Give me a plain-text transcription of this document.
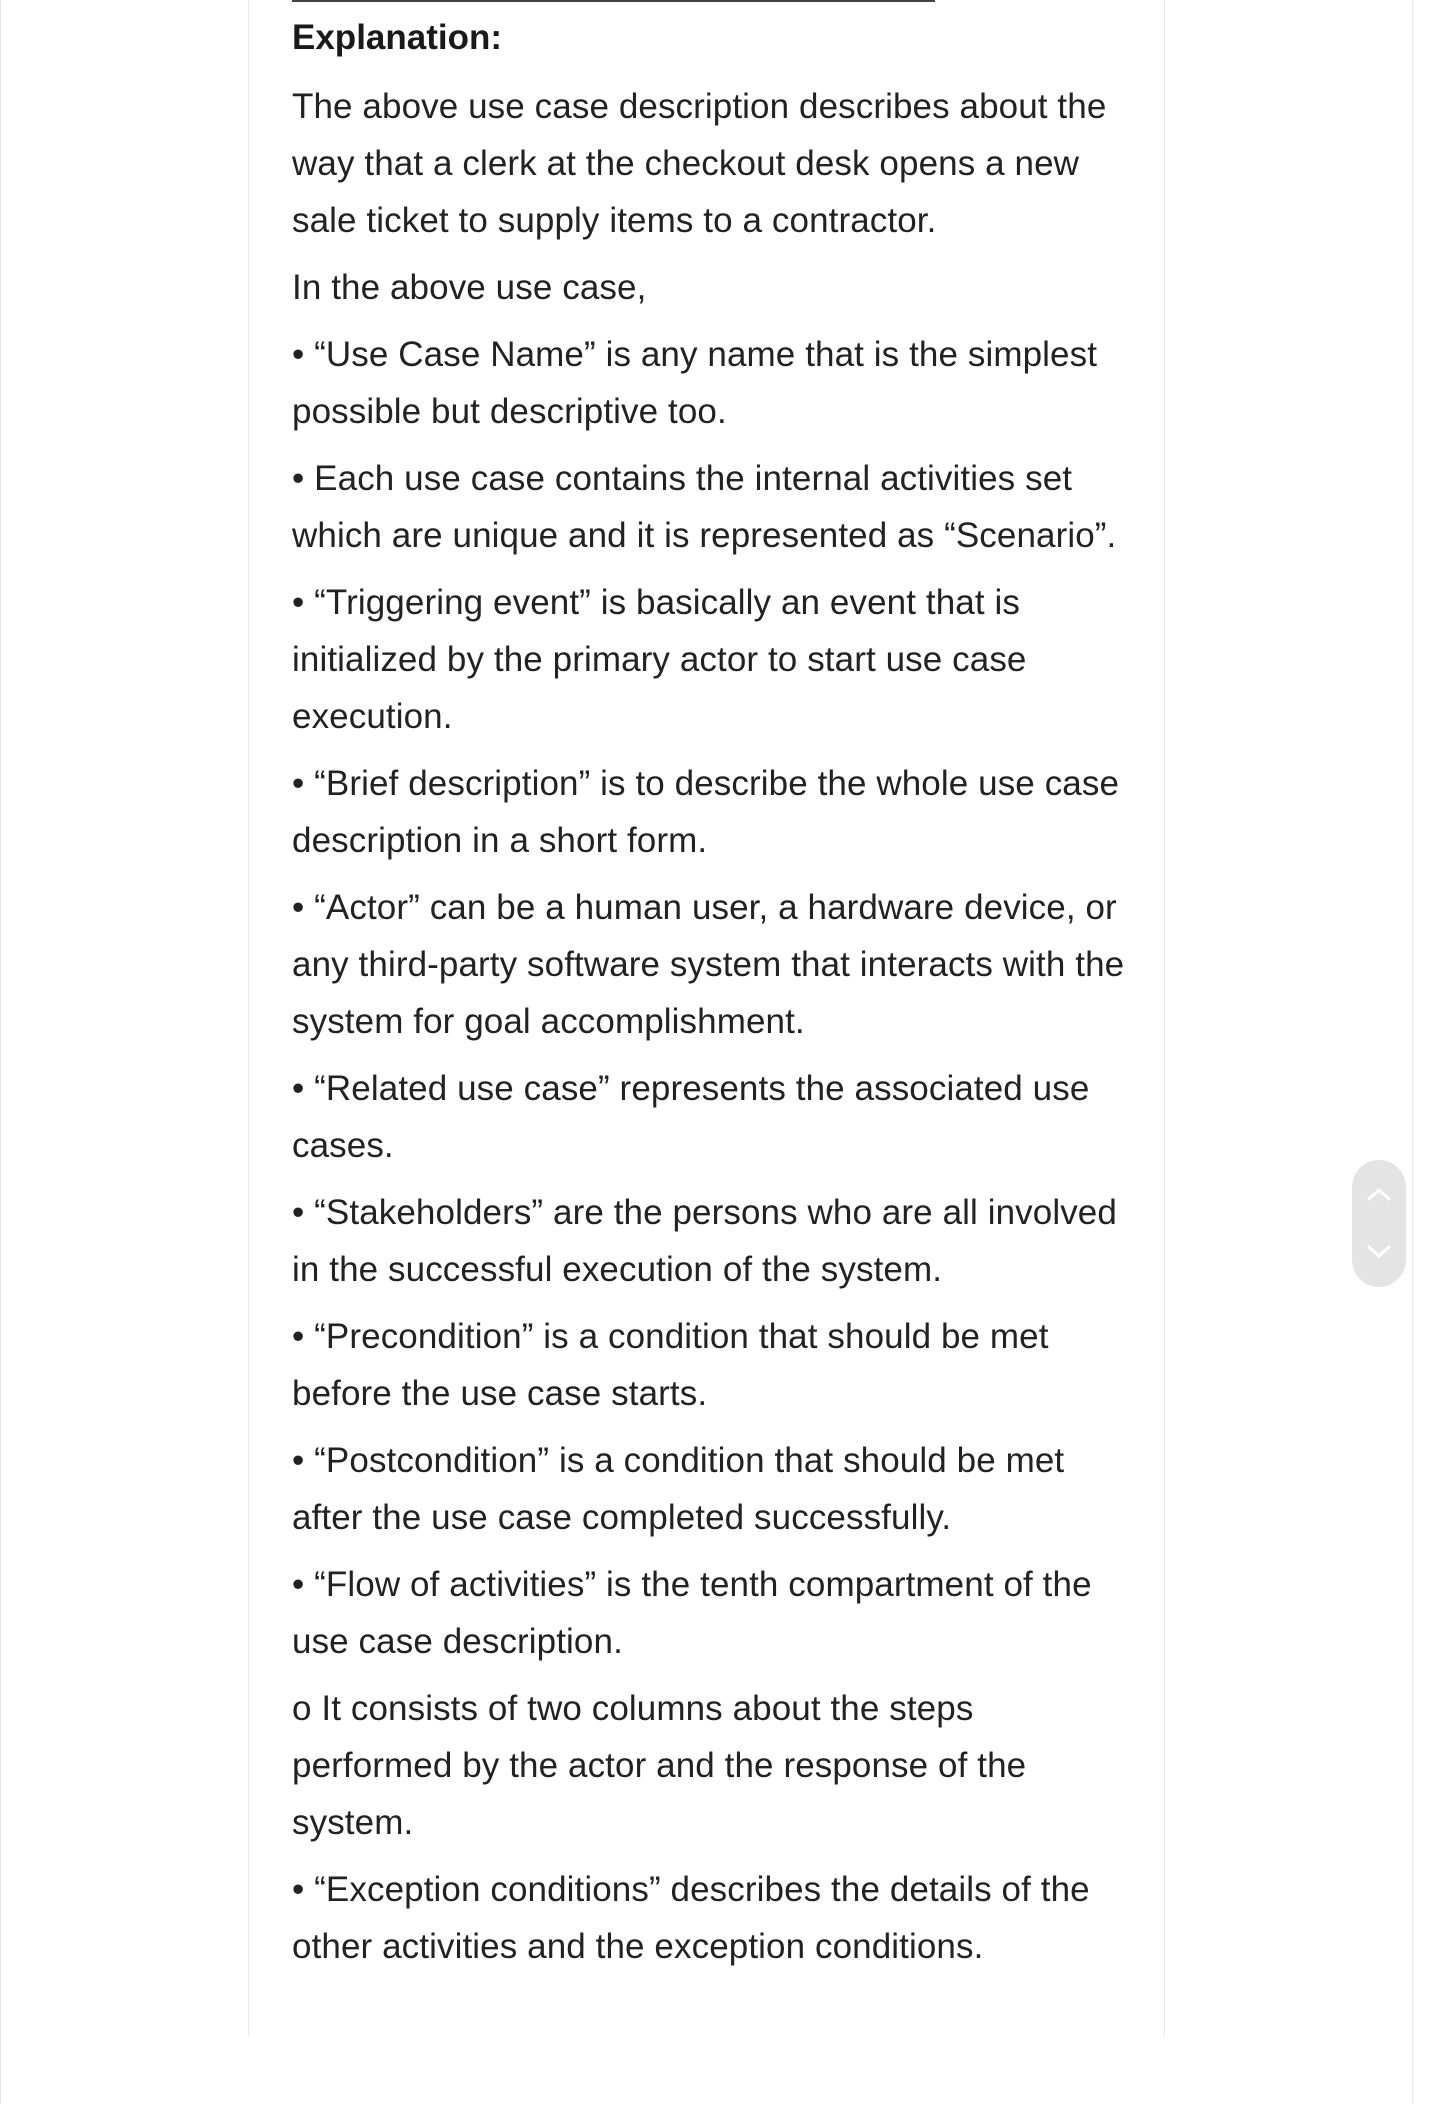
Explanation:

The above use case description describes about the way that a clerk at the checkout desk opens a new sale ticket to supply items to a contractor.

In the above use case,

• “Use Case Name” is any name that is the simplest possible but descriptive too.

• Each use case contains the internal activities set which are unique and it is represented as “Scenario”.

• “Triggering event” is basically an event that is initialized by the primary actor to start use case execution.

• “Brief description” is to describe the whole use case description in a short form.

• “Actor” can be a human user, a hardware device, or any third-party software system that interacts with the system for goal accomplishment.

• “Related use case” represents the associated use cases.

• “Stakeholders” are the persons who are all involved in the successful execution of the system.

• “Precondition” is a condition that should be met before the use case starts.

• “Postcondition” is a condition that should be met after the use case completed successfully.

• “Flow of activities” is the tenth compartment of the use case description.

o It consists of two columns about the steps performed by the actor and the response of the system.

• “Exception conditions” describes the details of the other activities and the exception conditions.
